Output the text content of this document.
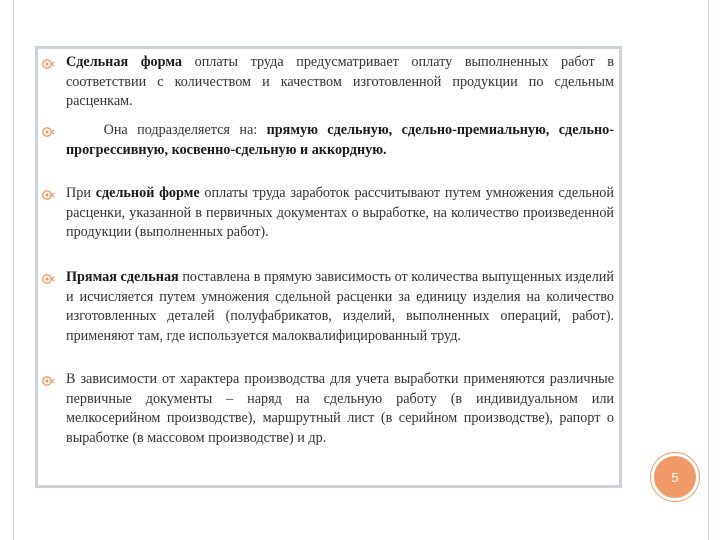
Сдельная форма оплаты труда предусматривает оплату выполненных работ в соответствии с количеством и качеством изготовленной продукции по сдельным расценкам.

Она подразделяется на: прямую сдельную, сдельно-премиальную, сдельно-прогрессивную, косвенно-сдельную и аккордную.

При сдельной форме оплаты труда заработок рассчитывают путем умножения сдельной расценки, указанной в первичных документах о выработке, на количество произведенной продукции (выполненных работ).

Прямая сдельная поставлена в прямую зависимость от количества выпущенных изделий и исчисляется путем умножения сдельной расценки за единицу изделия на количество изготовленных деталей (полуфабрикатов, изделий, выполненных операций, работ). применяют там, где используется малоквалифицированный труд.

В зависимости от характера производства для учета выработки применяются различные первичные документы – наряд на сдельную работу (в индивидуальном или мелкосерийном производстве), маршрутный лист (в серийном производстве), рапорт о выработке (в массовом производстве) и др.

5
